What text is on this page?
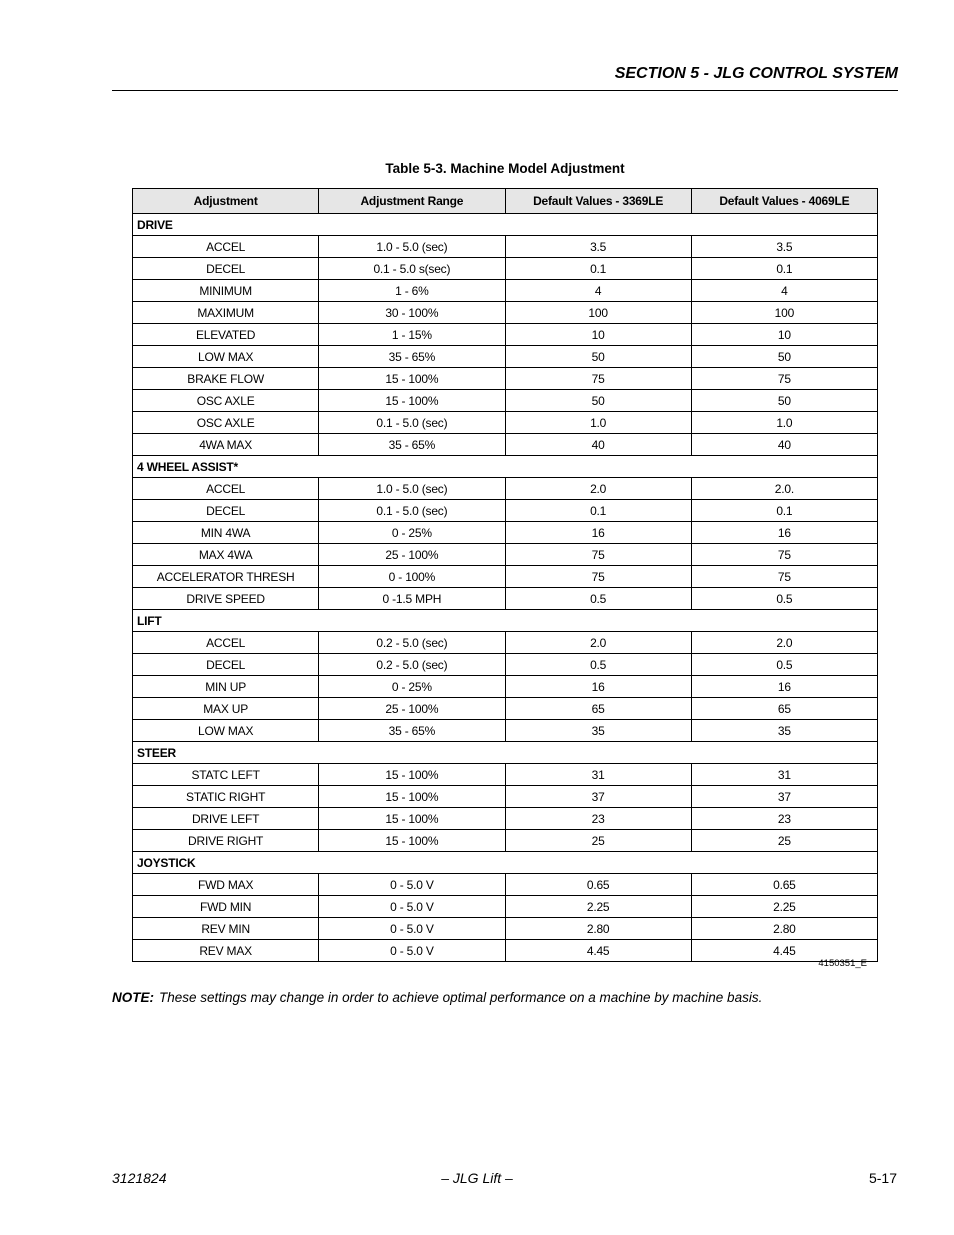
SECTION 5 - JLG CONTROL SYSTEM
Table 5-3. Machine Model Adjustment
Adjustment	Adjustment Range	Default Values - 3369LE	Default Values - 4069LE
DRIVE			
ACCEL	1.0 - 5.0 (sec)	3.5	3.5
DECEL	0.1 - 5.0 s(sec)	0.1	0.1
MINIMUM	1 - 6%	4	4
MAXIMUM	30 - 100%	100	100
ELEVATED	1 - 15%	10	10
LOW MAX	35 - 65%	50	50
BRAKE FLOW	15 - 100%	75	75
OSC AXLE	15 - 100%	50	50
OSC AXLE	0.1 - 5.0 (sec)	1.0	1.0
4WA MAX	35 - 65%	40	40
4 WHEEL ASSIST*			
ACCEL	1.0 - 5.0 (sec)	2.0	2.0.
DECEL	0.1 - 5.0 (sec)	0.1	0.1
MIN 4WA	0 - 25%	16	16
MAX 4WA	25 - 100%	75	75
ACCELERATOR THRESH	0 - 100%	75	75
DRIVE SPEED	0 -1.5 MPH	0.5	0.5
LIFT			
ACCEL	0.2 - 5.0 (sec)	2.0	2.0
DECEL	0.2 - 5.0 (sec)	0.5	0.5
MIN UP	0 - 25%	16	16
MAX UP	25 - 100%	65	65
LOW MAX	35 - 65%	35	35
STEER			
STATC LEFT	15 - 100%	31	31
STATIC RIGHT	15 - 100%	37	37
DRIVE LEFT	15 - 100%	23	23
DRIVE RIGHT	15 - 100%	25	25
JOYSTICK			
FWD MAX	0 - 5.0 V	0.65	0.65
FWD MIN	0 - 5.0 V	2.25	2.25
REV MIN	0 - 5.0 V	2.80	2.80
REV MAX	0 - 5.0 V	4.45	4.45
4150351_E
NOTE: These settings may change in order to achieve optimal performance on a machine by machine basis.
3121824	– JLG Lift –	5-17
